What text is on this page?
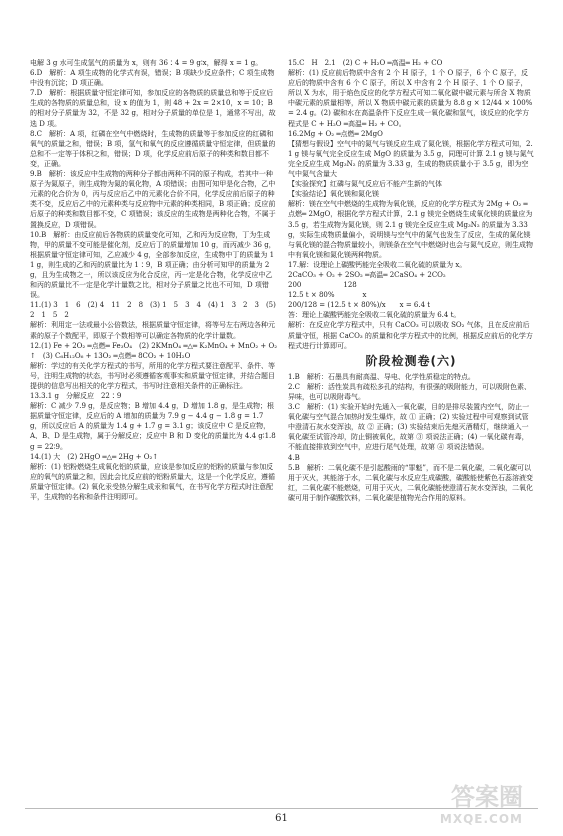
电解 3 g 水可生成氢气的质量为 x，则有 36∶4 = 9 g∶x，解得 x = 1 g。
6.D　解析：A 项生成物的化学式有误，错误；B 项缺少反应条件；C 项生成物中没有沉淀；D 项正确。
7.D　解析：根据质量守恒定律可知，参加反应的各物质的质量总和等于反应后生成的各物质的质量总和，设 x 的值为 1，则 48 + 2x = 2×10，x = 10；B 的相对分子质量为 32，不是 32 g，相对分子质量的单位是 1，通常不写出，故选 D 项。
8.C　解析：A 项，红磷在空气中燃烧时，生成物的质量等于参加反应的红磷和氧气的质量之和，错误；B 项，氢气和氧气的反应遵循质量守恒定律，但质量的总和不一定等于体积之和，错误；D 项，化学反应前后原子的种类和数目都不变，正确。
9.B　解析：该反应中生成物的两种分子都由两种不同的原子构成，若其中一种原子为氮原子，则生成物为氮的氧化物，A 项错误；由图可知甲是化合物，乙中元素的化合价为 0，丙与反应后乙中的元素化合价不同，化学反应前后原子的种类不变，反应后乙中的元素种类与反应物中元素的种类相同，B 项正确；反应前后原子的种类和数目都不变，C 项错误；该反应的生成物是两种化合物，不属于置换反应，D 项错误。
10.B　解析：由反应前后各物质的质量变化可知，乙和丙为反应物，丁为生成物，甲的质量不变可能是催化剂，反应后丁的质量增加 10 g，而丙减少 36 g，根据质量守恒定律可知，乙应减少 4 g，全部参加反应，生成物中丁的质量为 11 g，则生成的乙和丙的质量比为 1∶9，B 项正确；由分析可知甲的质量为 2 g，且为生成物之一，所以该反应为化合反应，丙一定是化合物，化学反应中乙和丙的质量比不一定是化学计量数之比，相对分子质量之比也不可知，D 项错误。
11.(1) 3　1　6　(2) 4　11　2　8　(3) 1　5　3　4　(4) 1　3　2　3　(5) 2　1　5　2
解析：利用定一法或最小公倍数法，根据质量守恒定律，将等号左右两边各种元素的原子个数配平，即原子个数相等可以确定各物质的化学计量数。
12.(1) Fe + 2O₂ ═点燃═ Fe₃O₄　(2) 2KMnO₄ ═△═ K₂MnO₄ + MnO₂ + O₂↑　(3) C₆H₁₂O₆ + 13O₂ ═点燃═ 8CO₂ + 10H₂O
解析：学过的有关化学方程式的书写，所用的化学方程式要注意配平、条件、等号，注明生成物的状态，书写时必须遵循客观事实和质量守恒定律，并结合题目提供的信息写出相关的化学方程式，书写时注意相关条件的正确标注。
13.3.1 g　分解反应　22∶9
解析：C 减少 7.9 g，是反应物；B 增加 4.4 g，D 增加 1.8 g，是生成物；根据质量守恒定律，反应后的 A 增加的质量为 7.9 g − 4.4 g − 1.8 g = 1.7 g，所以反应后 A 的质量为 1.4 g + 1.7 g = 3.1 g；该反应中 C 是反应物，A、B、D 是生成物，属于分解反应；反应中 B 和 D 变化的质量比为 4.4 g∶1.8 g = 22∶9。
14.(1) 大　(2) 2HgO ═△═ 2Hg + O₂↑
解析：(1) 铝粉燃烧生成氧化铝的质量，应该是参加反应的铝粉的质量与参加反应的氧气的质量之和，因此会比反应前的铝粉质量大，这是一个化学反应，遵循质量守恒定律。(2) 氧化汞受热分解生成汞和氧气，在书写化学方程式时注意配平，生成物的名称和条件注明即可。
15.C　H　2.1　(2) C + H₂O ═高温═ H₂ + CO
解析：(1) 反应前后物质中含有 2 个 H 原子，1 个 O 原子，6 个 C 原子，反应后的物质中含有 6 个 C 原子，所以 X 中含有 2 个 H 原子、1 个 O 原子，所以 X 为水，用于焰色反应的化学方程式可知二氧化碳中碳元素与所含 X 物质中碳元素的质量相等，所以 X 物质中碳元素的质量为 8.8 g × 12/44 × 100% = 2.4 g。(2) 碳和水在高温条件下反应生成一氧化碳和氢气，该反应的化学方程式是 C + H₂O ═高温═ H₂ + CO。
16.2Mg + O₂ ═点燃═ 2MgO
【猜想与假设】空气中的氮气与镁反应生成了氮化镁，根据化学方程式可知，2.1 g 镁与氧气完全反应生成 MgO 的质量为 3.5 g，同理可计算 2.1 g 镁与氮气完全反应生成 Mg₃N₂ 的质量为 3.33 g，生成的物质质量小于 3.5 g，即为空气中氮气含量大
【实验探究】红磷与氮气反应后不能产生新的气体
【实验结论】氧化镁和氮化镁
解析：镁在空气中燃烧的生成物为氧化镁，反应的化学方程式为 2Mg + O₂ ═点燃═ 2MgO，根据化学方程式计算，2.1 g 镁完全燃烧生成氧化镁的质量应为 3.5 g，若生成物为氮化镁，则 2.1 g 镁完全反应生成 Mg₃N₂ 的质量为 3.33 g，实际生成物质量偏小，说明镁与空气中的氮气也发生了反应，生成的氮化镁与氧化镁的混合物质量较小，则镁条在空气中燃烧时也会与氮气反应，则生成物中有氧化镁和氮化镁两种物质。
17.解：设理论上碳酸钙能完全吸收二氧化硫的质量为 x。
2CaCO₃ + O₂ + 2SO₂ ═高温═ 2CaSO₄ + 2CO₂
200　　　　　　128
12.5 t × 80%　　　　x
200/128 = (12.5 t × 80%)/x　　x = 6.4 t
答：理论上碳酸钙能完全吸收二氧化硫的质量为 6.4 t。
解析：在反应化学方程式中，只有 CaCO₃ 可以吸收 SO₂ 气体，且在反应前后质量守恒，根据 CaCO₃ 的质量和化学方程式中的比例，根据反应前后的化学方程式进行计算即可。
阶段检测卷(六)
1.B　解析：石墨具有耐高温、导电、化学性质稳定的特点。
2.C　解析：活性炭具有疏松多孔的结构，有很强的吸附能力，可以吸附色素、异味，也可以吸附毒气。
3.C　解析：(1) 实验开始时先通入一氧化碳，目的是排尽装置内空气，防止一氧化碳与空气混合加热时发生爆炸，故 ① 正确；(2) 实验过程中可观察到试管中澄清石灰水变浑浊，故 ② 正确；(3) 实验结束后先熄灭酒精灯，继续通入一氧化碳至试管冷却，防止铜被氧化，故第 ③ 项说法正确；(4) 一氧化碳有毒，不能直接排放到空气中，应进行尾气处理，故第 ④ 项说法错误。
4.B
5.B　解析：二氧化碳不是引起酸雨的“罪魁”，而不是二氧化碳，二氧化碳可以用于灭火，其能溶于水，二氧化碳与水反应生成碳酸，碳酸能使紫色石蕊溶液变红，二氧化碳不能燃烧，可用于灭火，二氧化碳能使澄清石灰水变浑浊，二氧化碳可用于制作碳酸饮料，二氧化碳是植物光合作用的原料。
61
答案圈
MXQE.COM
